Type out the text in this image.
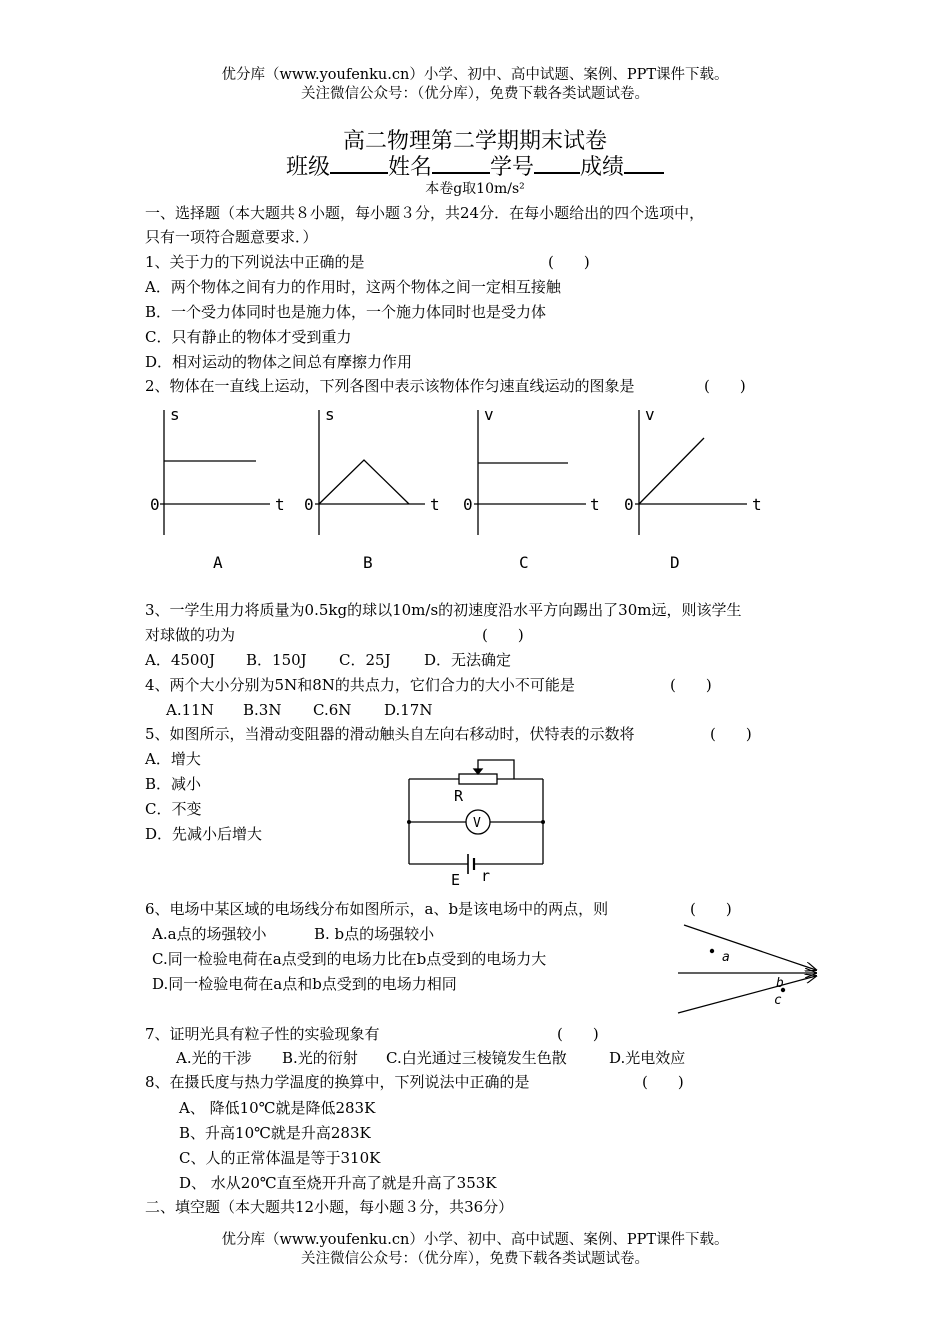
优分库（www.youfenku.cn）小学、初中、高中试题、案例、PPT课件下载。
关注微信公众号：（优分库），免费下载各类试题试卷。
高二物理第二学期期末试卷
班级	姓名	学号 成绩
本卷g取10m/s²
一、选择题（本大题共８小题，每小题３分，共24分．在每小题给出的四个选项中，
只有一项符合题意要求．）
1、关于力的下列说法中正确的是	(　　)
A．两个物体之间有力的作用时，这两个物体之间一定相互接触
B．一个受力体同时也是施力体，一个施力体同时也是受力体
C．只有静止的物体才受到重力
D．相对运动的物体之间总有摩擦力作用
2、物体在一直线上运动，下列各图中表示该物体作匀速直线运动的图象是	(　　)
s
0	t
A
s
0	t
B
v
0	t
C
v
0	t
D
3、一学生用力将质量为0.5kg的球以10m/s的初速度沿水平方向踢出了30m远，则该学生
对球做的功为	(　　)
A．4500J B．150J C．25J D．无法确定
4、两个大小分别为5N和8N的共点力，它们合力的大小不可能是	(　　)
A.11N B.3N C.6N D.17N
5、如图所示，当滑动变阻器的滑动触头自左向右移动时，伏特表的示数将	(　　)
A．增大
B．减小
C．不变
D．先减小后增大
R
V
E r
6、电场中某区域的电场线分布如图所示，a、b是该电场中的两点，则	(　　)
A.a点的场强较小	B. b点的场强较小
C.同一检验电荷在a点受到的电场力比在b点受到的电场力大
D.同一检验电荷在a点和b点受到的电场力相同
a
b
c
7、证明光具有粒子性的实验现象有	(　　)
A.光的干涉 B.光的衍射 C.白光通过三棱镜发生色散	D.光电效应
8、在摄氏度与热力学温度的换算中，下列说法中正确的是	(　　)
A、 降低10℃就是降低283K
B、升高10℃就是升高283K
C、人的正常体温是等于310K
D、 水从20℃直至烧开升高了就是升高了353K
二、填空题（本大题共12小题，每小题３分，共36分）
优分库（www.youfenku.cn）小学、初中、高中试题、案例、PPT课件下载。
关注微信公众号：（优分库），免费下载各类试题试卷。
